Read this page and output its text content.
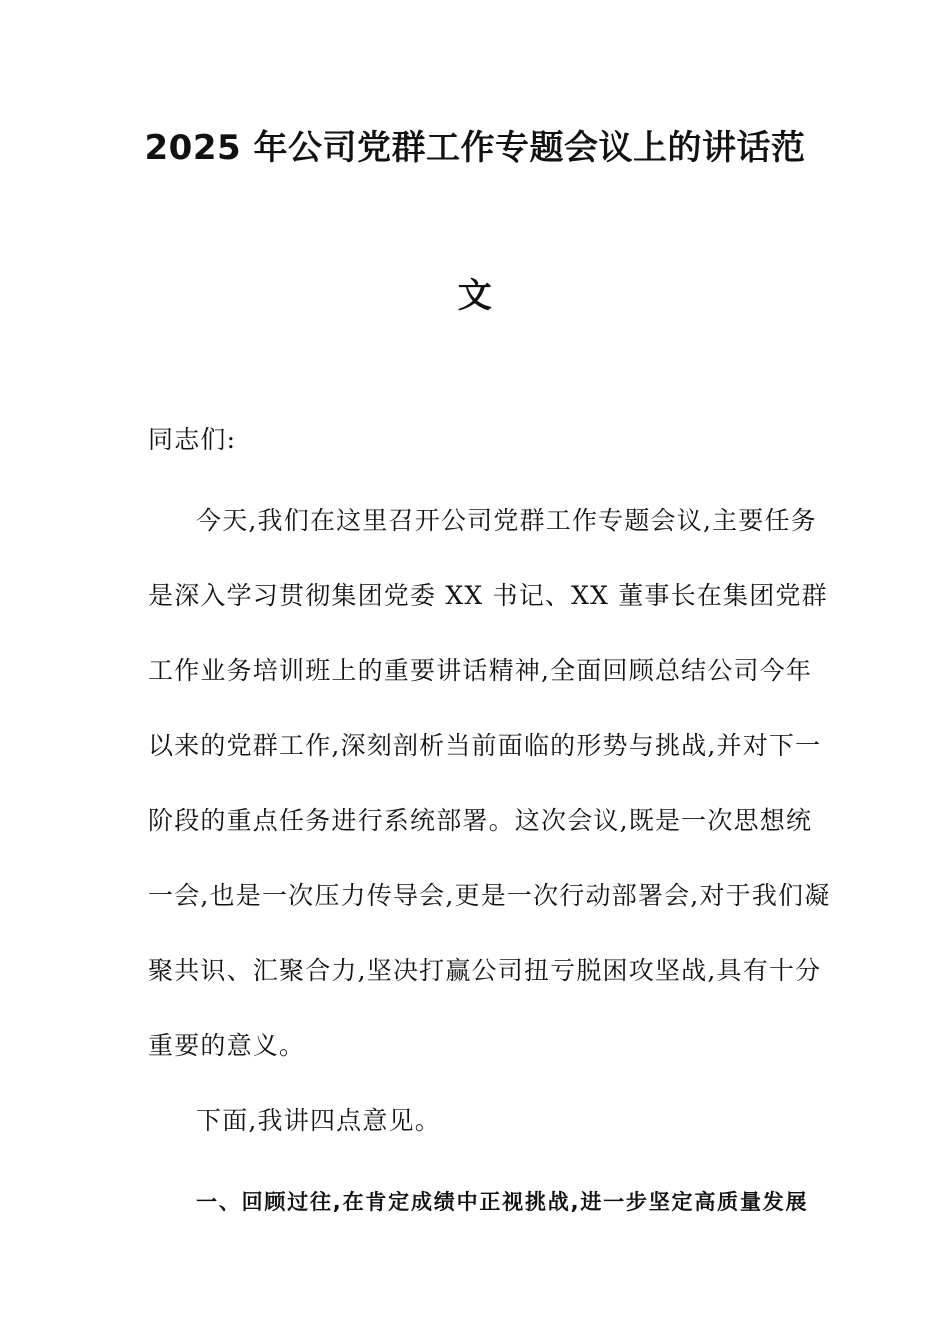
2025 年公司党群工作专题会议上的讲话范
文
同志们:
今天,我们在这里召开公司党群工作专题会议,主要任务
是深入学习贯彻集团党委 XX 书记、XX 董事长在集团党群
工作业务培训班上的重要讲话精神,全面回顾总结公司今年
以来的党群工作,深刻剖析当前面临的形势与挑战,并对下一
阶段的重点任务进行系统部署。这次会议,既是一次思想统
一会,也是一次压力传导会,更是一次行动部署会,对于我们凝
聚共识、汇聚合力,坚决打赢公司扭亏脱困攻坚战,具有十分
重要的意义。
下面,我讲四点意见。
一、回顾过往,在肯定成绩中正视挑战,进一步坚定高质量发展
